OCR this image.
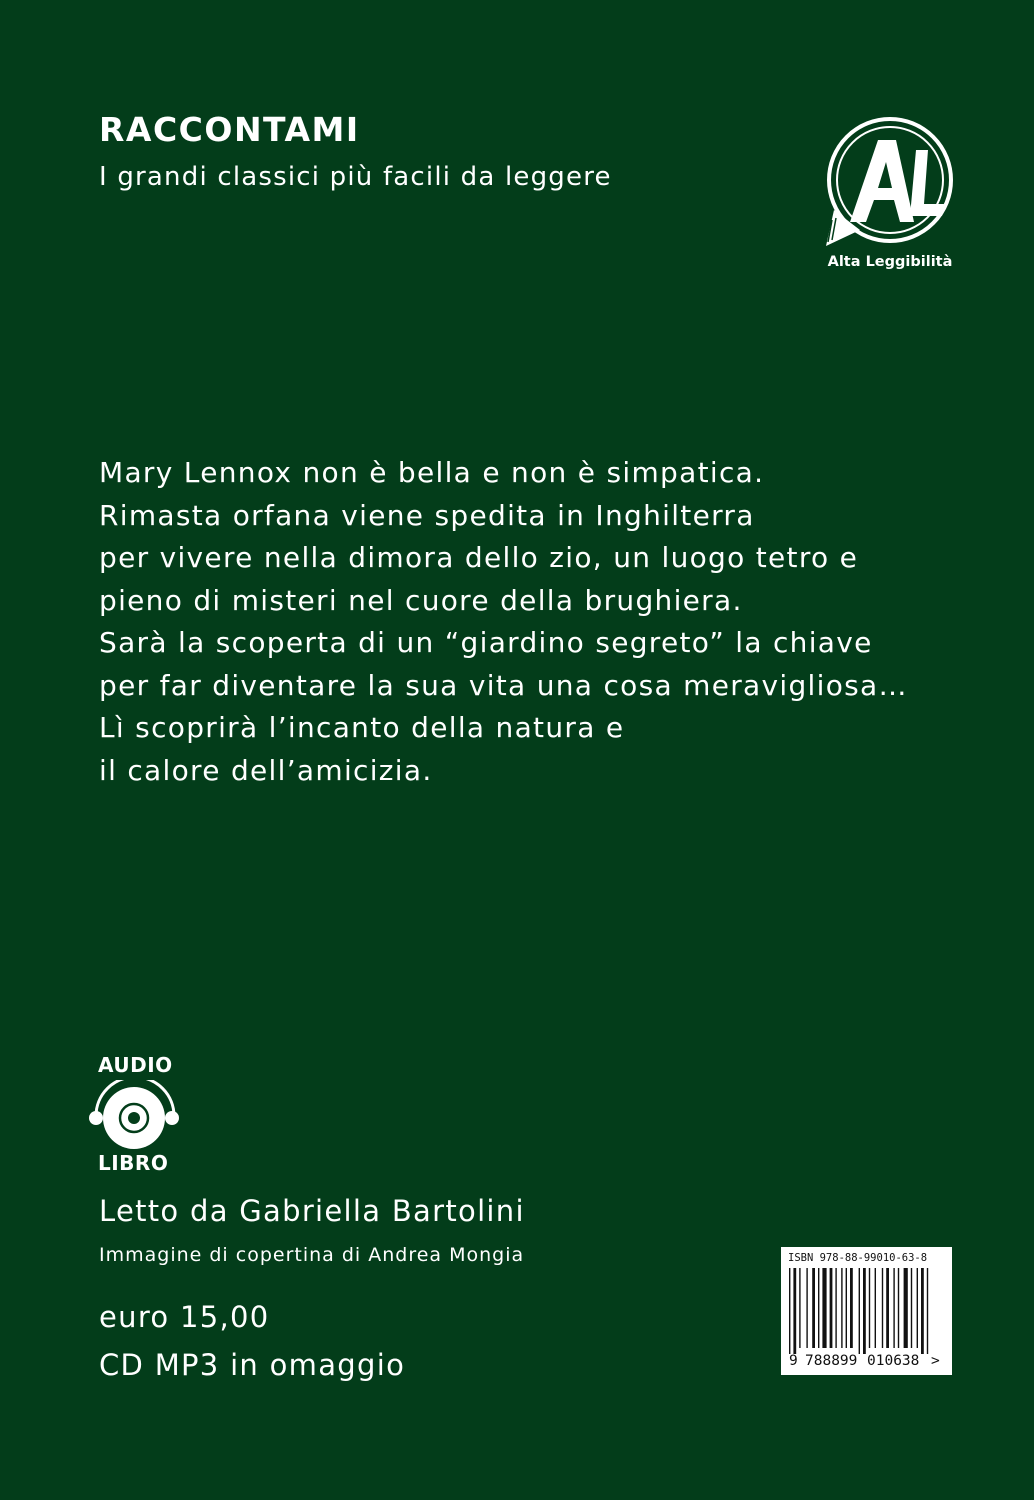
RACCONTAMI
I grandi classici più facili da leggere
Alta Leggibilità

Mary Lennox non è bella e non è simpatica.
Rimasta orfana viene spedita in Inghilterra
per vivere nella dimora dello zio, un luogo tetro e
pieno di misteri nel cuore della brughiera.
Sarà la scoperta di un “giardino segreto” la chiave
per far diventare la sua vita una cosa meravigliosa…
Lì scoprirà l’incanto della natura e
il calore dell’amicizia.

AUDIO
LIBRO
Letto da Gabriella Bartolini
Immagine di copertina di Andrea Mongia
euro 15,00
CD MP3 in omaggio
ISBN 978-88-99010-63-8
9 788899 010638 >
